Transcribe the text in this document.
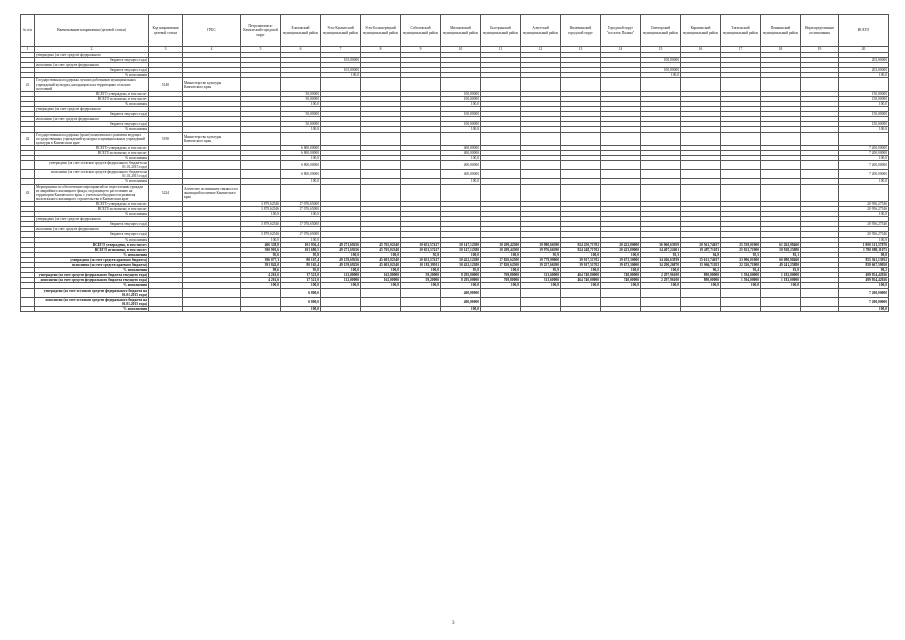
№ п/п	Наименование направления (целевой статьи)	Код направления целевой статьи	ГРБС	Петропавловск-Камчатский городской округ	Елизовский муниципальный район	Усть-Камчатский муниципальный район	Усть-Большерецкий муниципальный район	Соболевский муниципальный район	Мильковский муниципальный район	Быстринский муниципальный район	Алеутский муниципальный район	Вилючинский городской округ	Городской округ "поселок Палана"	Олюторский муниципальный район	Карагинский муниципальный район	Тигильский муниципальный район	Пенжинский муниципальный район	Нераспределенные ассигнования	ВСЕГО
1	2	3	4	5	6	7	8	9	10	11	12	13	14	15	16	17	18	19	20
	утверждено (за счет средств федерального																		
	бюджета текущего года)					103,00000								100,00000					203,00000
	исполнено (за счет средств федерального																		
	бюджета текущего года)					103,00000								100,00000					203,00000
	% исполнения					100,0								100,0					100,0
41	Государственная поддержка лучших работников муниципальных учреждений культуры, находящихся на территориях сельских поселений	5148	Министерство культуры Камчатского края																
	ВСЕГО утверждено, в том числе:				50,00000				100,00000										150,00000
	ВСЕГО исполнено, в том числе:				50,00000				100,00000										150,00000
	% исполнения				100,0				100,0										100,0
	утверждено (за счет средств федерального																		
	бюджета текущего года)				50,00000				100,00000										150,00000
	исполнено (за счет средств федерального																		
	бюджета текущего года)				50,00000				100,00000										150,00000
	% исполнения				100,0				100,0										100,0
42	Государственная поддержка (грант) комплексного развития ведущих государственных учреждений культуры и муниципальных учреждений культуры в Камчатском крае	5190	Министерство культуры Камчатского края																
	ВСЕГО утверждено, в том числе:				6 800,00000				400,00000										7 200,00000
	ВСЕГО исполнено, в том числе:				6 800,00000				400,00000										7 200,00000
	% исполнения				100,0				100,0										100,0
	утверждено (за счет остатков средств федерального бюджета на 01.01.2015 года)				6 800,00000				400,00000										7 200,00000
	исполнено (за счет остатков средств федерального бюджета на 01.01.2015 года)				6 800,00000				400,00000										7 200,00000
	% исполнения				100,0				100,0										100,0
43	Мероприятия по обеспечению мероприятий по переселению граждан из аварийного жилищного фонда, подлежащего расселению на территории Камчатского края, с учетом необходимости развития малоэтажного жилищного строительства в Камчатском крае	5224	Агентство по внешним связям и по жилищной политике Камчатского края																
	ВСЕГО утверждено, в том числе:			3 879,62546	17 076,65000														20 956,27546
	ВСЕГО исполнено, в том числе:			3 879,62546	17 076,65000														20 956,27546
	% исполнения			100,0	100,0														100,0
	утверждено (за счет средств федерального																		
	бюджета текущего года)			3 879,62546	17 076,65000														20 956,27546
	исполнено (за счет средств федерального																		
	бюджета текущего года)			3 879,62546	17 076,65000														20 956,27546
	% исполнения			100,0	100,0														100,0
	ВСЕГО утверждено, в том числе:			406 338,8	101 956,4	49 271,69256	45 765,02340	10 653,57417	50 147,12380	10 209,42500	19 980,66390	924 250,71702	20 423,80000	36 960,63059	20 561,74037	25 539,01000	61 262,98460		1 800 313,57870
	ВСЕГО исполнено, в том числе:			390 903,6	101 680,5	49 271,69256	45 765,02340	10 653,57417	50 147,12380	10 209,42500	19 976,66390	924 248,71702	20 423,80000	34 407,22601	19 487,71183	25 023,71900	50 928,25880		1 780 089,11075
	% исполнения			95,6	95,8	100,0	100,0	95,8	100,0	100,0	95,9	100,0	100,0	93,1	94,8	95,5	83,1		98,8
	утверждено (за счет средств краевого бюджета)			396 077,3	80 167,4	49 159,69256	45 603,02340	10 653,57417	50 452,12380	17 820,62500	19 779,99000	39 917,51702	19 673,30000	34 266,63939	15 613,74037	23 906,01000	60 080,98460		855 361,13952
	исполнено (за счет средств краевого бюджета)			391 842,0	80 165,4	49 159,69256	45 603,02340	10 181,39911	50 452,12380	17 820,62500	19 257,66390	39 917,51702	19 673,30000	34 290,26870	15 066,71183	22 326,71900	49 241,25880		858 667,59050
	% исполнения			99,6	95,8	100,0	100,0	100,0	95,8	100,0	95,9	100,0	100,0	100,0	96,2	93,4	81,9		98,2
	утверждено (за счет средств федерального бюджета текущего года)			4 261,6	17 521,0	112,00000	162,00000	59,20000	8 295,00000	769,80000	313,60000	464 740,00000	740,00000	2 297,96100	890,00000	1 594,00000	1 182,00000		499 954,42926
	исполнено (за счет средств федерального бюджета текущего года)			4 261,6	17 521,0	112,00000	162,00000	59,20000	8 295,00000	769,80000	313,60000	464 740,00000	740,00000	2 297,96100	890,00000	1 594,00000	1 182,00000		499 954,42926
	% исполнения			100,0	100,0	100,0	100,0	100,0	100,0	100,0	100,0	100,0	100,0	100,0	100,0	100,0	100,0		100,0
	утверждено (за счет остатков средств федерального бюджета на 01.01.2015 года)				6 800,0				400,00000										7 200,00000
	исполнено (за счет остатков средств федерального бюджета на 01.01.2015 года)				6 800,0				400,00000										7 200,00000
	% исполнения				100,0				100,0										100,0
3
